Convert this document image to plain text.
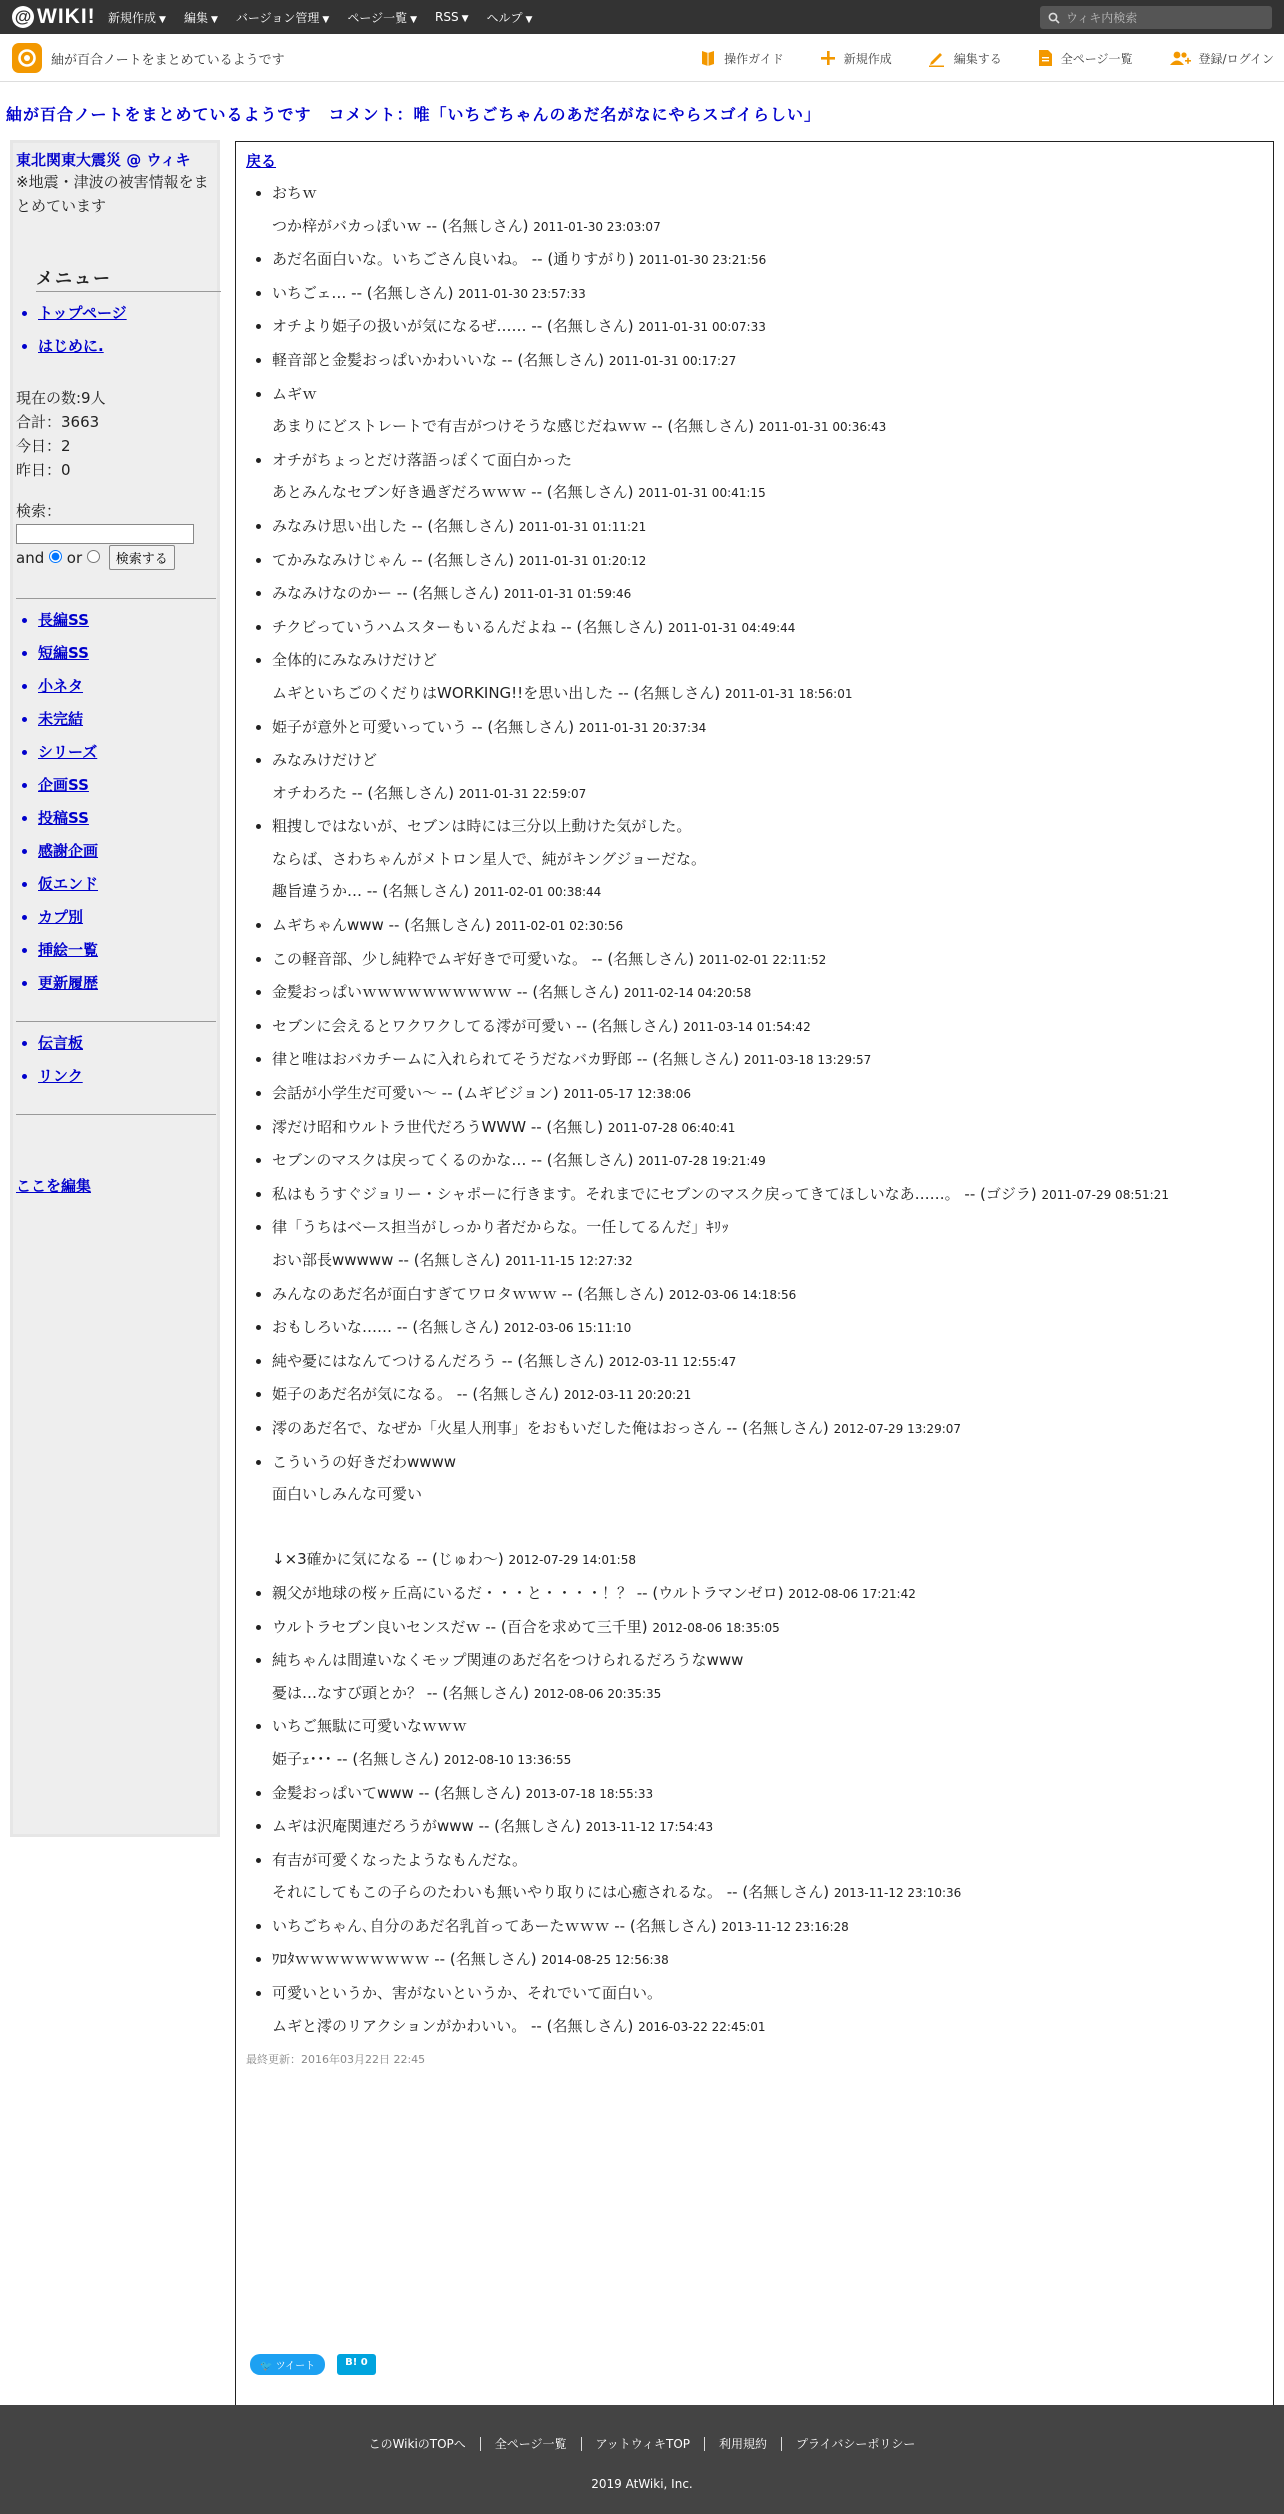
@ WIKI! 新規作成 ▼ 編集 ▼ バージョン管理 ▼ ページ一覧 ▼ RSS ▼ ヘルプ ▼
ウィキ内検索
紬が百合ノートをまとめているようです	操作ガイド	新規作成	編集する	全ページ一覧	登録/ログイン
紬が百合ノートをまとめているようです　コメント：唯「いちごちゃんのあだ名がなにやらスゴイらしい」
東北関東大震災 @ ウィキ
※地震・津波の被害情報をまとめています
メニュー
• トップページ
• はじめに.
現在の数:9人
合計：3663
今日：2
昨日：0
検索：
and or	検索する
• 長編SS
• 短編SS
• 小ネタ
• 未完結
• シリーズ
• 企画SS
• 投稿SS
• 感謝企画
• 仮エンド
• カプ別
• 挿絵一覧
• 更新履歴
• 伝言板
• リンク
ここを編集
戻る
• おちｗ
つか梓がバカっぽいｗ -- (名無しさん) 2011-01-30 23:03:07
• あだ名面白いな。いちごさん良いね。 -- (通りすがり) 2011-01-30 23:21:56
• いちごェ… -- (名無しさん) 2011-01-30 23:57:33
• オチより姫子の扱いが気になるぜ…… -- (名無しさん) 2011-01-31 00:07:33
• 軽音部と金髪おっぱいかわいいな -- (名無しさん) 2011-01-31 00:17:27
• ムギｗ
あまりにどストレートで有吉がつけそうな感じだねｗｗ -- (名無しさん) 2011-01-31 00:36:43
• オチがちょっとだけ落語っぽくて面白かった
あとみんなセブン好き過ぎだろｗｗｗ -- (名無しさん) 2011-01-31 00:41:15
• みなみけ思い出した -- (名無しさん) 2011-01-31 01:11:21
• てかみなみけじゃん -- (名無しさん) 2011-01-31 01:20:12
• みなみけなのかー -- (名無しさん) 2011-01-31 01:59:46
• チクビっていうハムスターもいるんだよね -- (名無しさん) 2011-01-31 04:49:44
• 全体的にみなみけだけど
ムギといちごのくだりはWORKING!!を思い出した -- (名無しさん) 2011-01-31 18:56:01
• 姫子が意外と可愛いっていう -- (名無しさん) 2011-01-31 20:37:34
• みなみけだけど
オチわろた -- (名無しさん) 2011-01-31 22:59:07
• 粗捜しではないが、セブンは時には三分以上動けた気がした。
ならば、さわちゃんがメトロン星人で、純がキングジョーだな。
趣旨違うか… -- (名無しさん) 2011-02-01 00:38:44
• ムギちゃんwww -- (名無しさん) 2011-02-01 02:30:56
• この軽音部、少し純粋でムギ好きで可愛いな。 -- (名無しさん) 2011-02-01 22:11:52
• 金髪おっぱいｗｗｗｗｗｗｗｗｗｗ -- (名無しさん) 2011-02-14 04:20:58
• セブンに会えるとワクワクしてる澪が可愛い -- (名無しさん) 2011-03-14 01:54:42
• 律と唯はおバカチームに入れられてそうだなバカ野郎 -- (名無しさん) 2011-03-18 13:29:57
• 会話が小学生だ可愛い～ -- (ムギビジョン) 2011-05-17 12:38:06
• 澪だけ昭和ウルトラ世代だろうWWW -- (名無し) 2011-07-28 06:40:41
• セブンのマスクは戻ってくるのかな… -- (名無しさん) 2011-07-28 19:21:49
• 私はもうすぐジョリー・シャポーに行きます。それまでにセブンのマスク戻ってきてほしいなあ‥‥‥。 -- (ゴジラ) 2011-07-29 08:51:21
• 律「うちはベース担当がしっかり者だからな。一任してるんだ」ｷﾘｯ
おい部長wwwww -- (名無しさん) 2011-11-15 12:27:32
• みんなのあだ名が面白すぎてワロタｗｗｗ -- (名無しさん) 2012-03-06 14:18:56
• おもしろいな…… -- (名無しさん) 2012-03-06 15:11:10
• 純や憂にはなんてつけるんだろう -- (名無しさん) 2012-03-11 12:55:47
• 姫子のあだ名が気になる。 -- (名無しさん) 2012-03-11 20:20:21
• 澪のあだ名で、なぜか「火星人刑事」をおもいだした俺はおっさん -- (名無しさん) 2012-07-29 13:29:07
• こういうの好きだわwwww
面白いしみんな可愛い

↓×3確かに気になる -- (じゅわ〜) 2012-07-29 14:01:58
• 親父が地球の桜ヶ丘高にいるだ・・・と・・・・！？ -- (ウルトラマンゼロ) 2012-08-06 17:21:42
• ウルトラセブン良いセンスだｗ -- (百合を求めて三千里) 2012-08-06 18:35:05
• 純ちゃんは間違いなくモップ関連のあだ名をつけられるだろうなwww
憂は…なすび頭とか？ -- (名無しさん) 2012-08-06 20:35:35
• いちご無駄に可愛いなｗｗｗ
姫子ｪ･･･ -- (名無しさん) 2012-08-10 13:36:55
• 金髪おっぱいてwww -- (名無しさん) 2013-07-18 18:55:33
• ムギは沢庵関連だろうがwww -- (名無しさん) 2013-11-12 17:54:43
• 有吉が可愛くなったようなもんだな。
それにしてもこの子らのたわいも無いやり取りには心癒されるな。 -- (名無しさん) 2013-11-12 23:10:36
• いちごちゃん､自分のあだ名乳首ってあーたｗｗｗ -- (名無しさん) 2013-11-12 23:16:28
• ﾜﾛﾀｗｗｗｗｗｗｗｗｗ -- (名無しさん) 2014-08-25 12:56:38
• 可愛いというか、害がないというか、それでいて面白い。
ムギと澪のリアクションがかわいい。 -- (名無しさん) 2016-03-22 22:45:01
最終更新：2016年03月22日 22:45
🐦 ツイート	B! 0
このWikiのTOPへ 全ページ一覧 アットウィキTOP 利用規約 プライバシーポリシー
2019 AtWiki, Inc.
